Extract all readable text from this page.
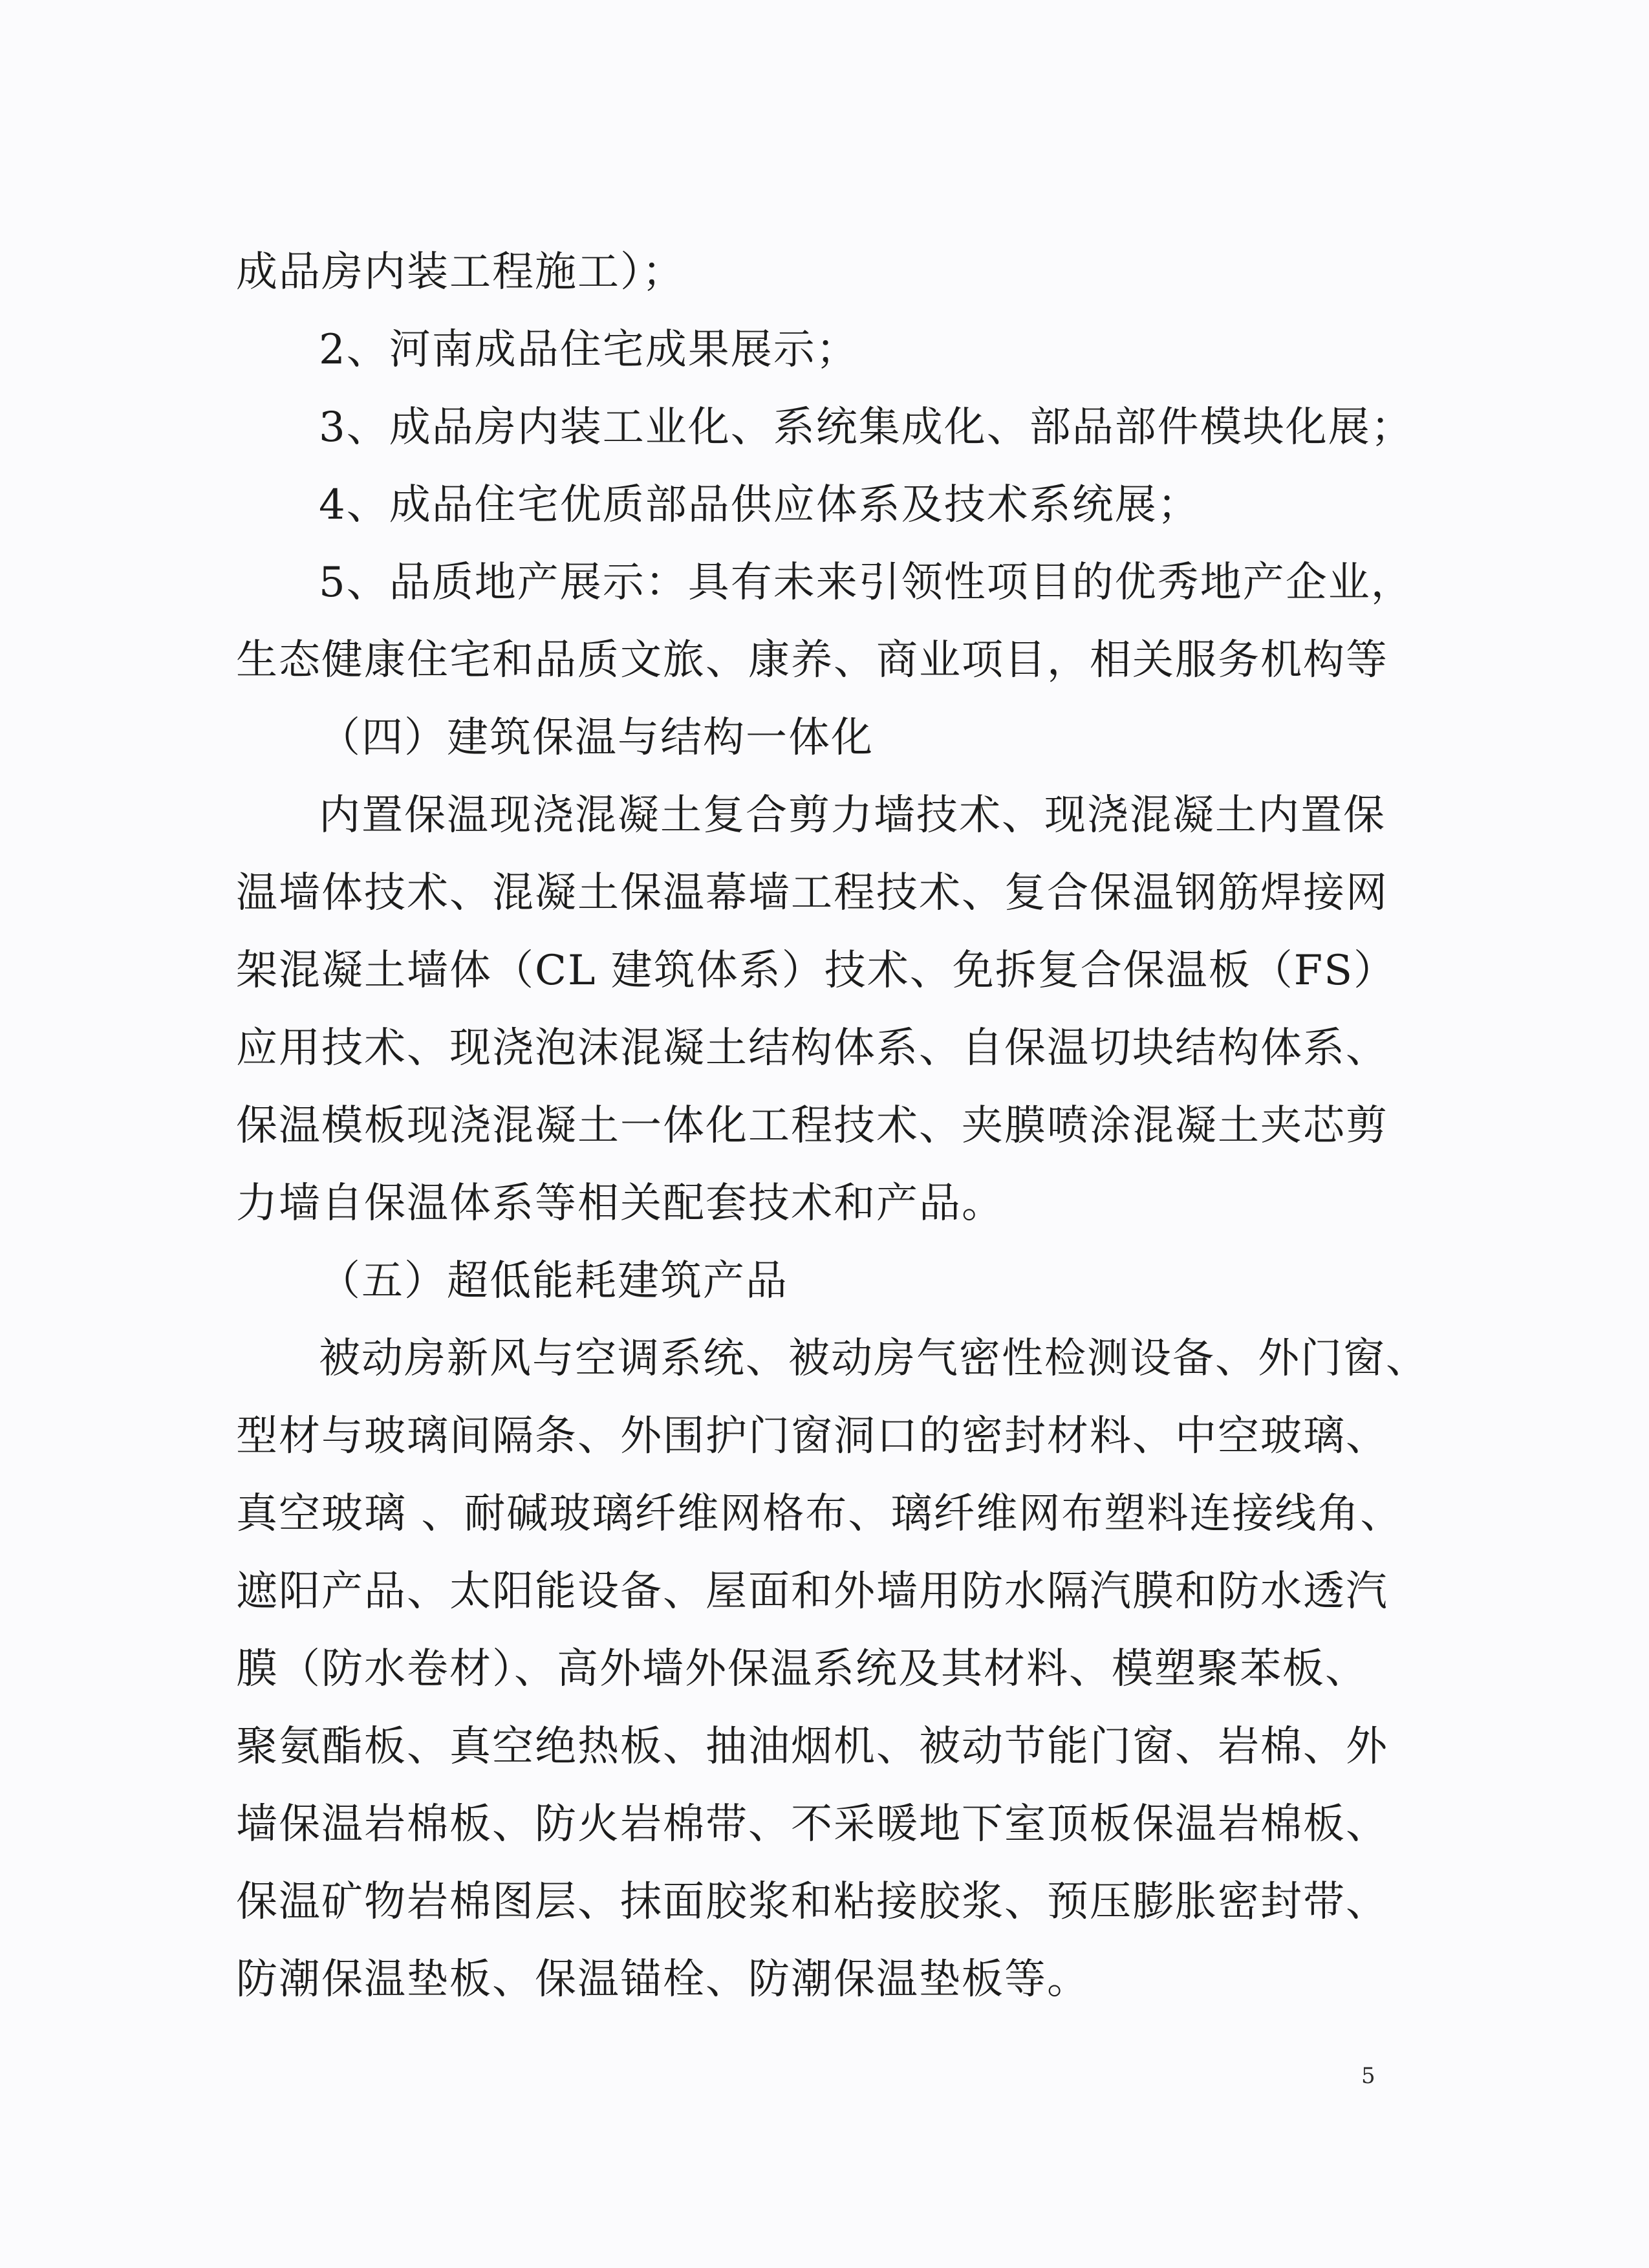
成品房内装工程施工）；
2、河南成品住宅成果展示；
3、成品房内装工业化、系统集成化、部品部件模块化展；
4、成品住宅优质部品供应体系及技术系统展；
5、品质地产展示：具有未来引领性项目的优秀地产企业，
生态健康住宅和品质文旅、康养、商业项目，相关服务机构等
（四）建筑保温与结构一体化
内置保温现浇混凝土复合剪力墙技术、现浇混凝土内置保
温墙体技术、混凝土保温幕墙工程技术、复合保温钢筋焊接网
架混凝土墙体（CL 建筑体系）技术、免拆复合保温板（FS）
应用技术、现浇泡沫混凝土结构体系、自保温切块结构体系、
保温模板现浇混凝土一体化工程技术、夹膜喷涂混凝土夹芯剪
力墙自保温体系等相关配套技术和产品。
（五）超低能耗建筑产品
被动房新风与空调系统、被动房气密性检测设备、外门窗、
型材与玻璃间隔条、外围护门窗洞口的密封材料、中空玻璃、
真空玻璃 、耐碱玻璃纤维网格布、璃纤维网布塑料连接线角、
遮阳产品、太阳能设备、屋面和外墙用防水隔汽膜和防水透汽
膜（防水卷材）、高外墙外保温系统及其材料、模塑聚苯板、
聚氨酯板、真空绝热板、抽油烟机、被动节能门窗、岩棉、外
墙保温岩棉板、防火岩棉带、不采暖地下室顶板保温岩棉板、
保温矿物岩棉图层、抹面胶浆和粘接胶浆、预压膨胀密封带、
防潮保温垫板、保温锚栓、防潮保温垫板等。
5
